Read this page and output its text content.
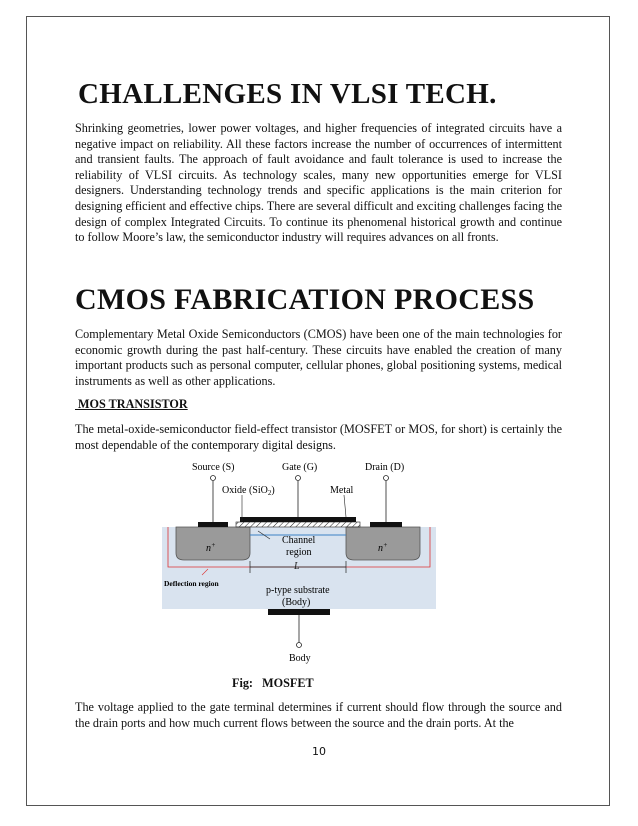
CHALLENGES IN VLSI TECH.

Shrinking geometries, lower power voltages, and higher frequencies of integrated circuits have a negative impact on reliability. All these factors increase the number of occurrences of intermittent and transient faults. The approach of fault avoidance and fault tolerance is used to increase the reliability of VLSI circuits. As technology scales, many new opportunities emerge for VLSI designers. Understanding technology trends and specific applications is the main criterion for designing efficient and effective chips. There are several difficult and exciting challenges facing the design of complex Integrated Circuits. To continue its phenomenal historical growth and continue to follow Moore’s law, the semiconductor industry will requires advances on all fronts.

CMOS FABRICATION PROCESS

Complementary Metal Oxide Semiconductors (CMOS) have been one of the main technologies for economic growth during the past half-century. These circuits have enabled the creation of many important products such as personal computer, cellular phones, global positioning systems, medical instruments as well as other applications.

MOS TRANSISTOR

The metal-oxide-semiconductor field-effect transistor (MOSFET or MOS, for short) is certainly the most dependable of the contemporary digital designs.

Source (S)	Gate (G)	Drain (D)
Oxide (SiO$_2$)	Metal
n+	n+
Channel
region
L
Deflection region
p-type substrate
(Body)
Body
Fig:   MOSFET

The voltage applied to the gate terminal determines if current should flow through the source and the drain ports and how much current flows between the source and the drain ports. At the

10
